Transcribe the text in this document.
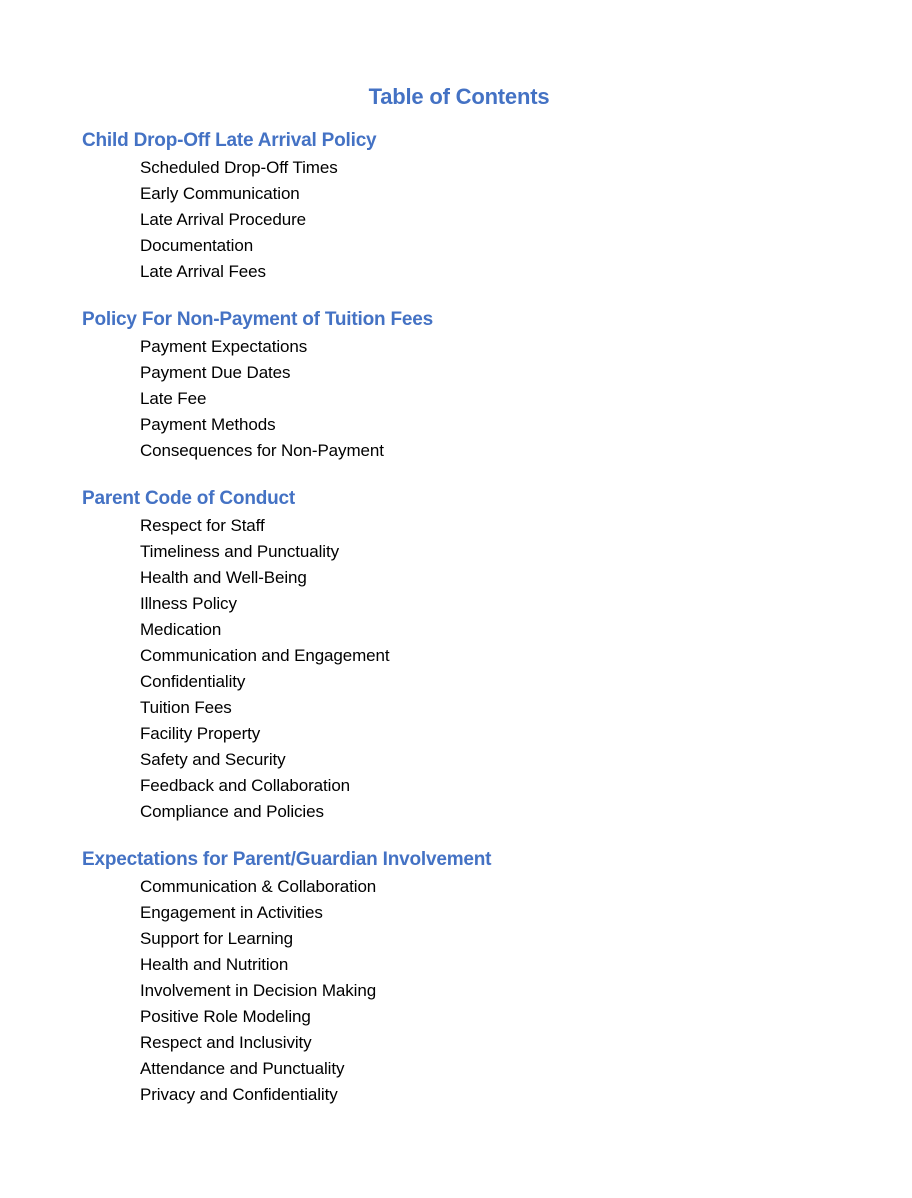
Table of Contents
Child Drop-Off Late Arrival Policy
Scheduled Drop-Off Times
Early Communication
Late Arrival Procedure
Documentation
Late Arrival Fees
Policy For Non-Payment of Tuition Fees
Payment Expectations
Payment Due Dates
Late Fee
Payment Methods
Consequences for Non-Payment
Parent Code of Conduct
Respect for Staff
Timeliness and Punctuality
Health and Well-Being
Illness Policy
Medication
Communication and Engagement
Confidentiality
Tuition Fees
Facility Property
Safety and Security
Feedback and Collaboration
Compliance and Policies
Expectations for Parent/Guardian Involvement
Communication & Collaboration
Engagement in Activities
Support for Learning
Health and Nutrition
Involvement in Decision Making
Positive Role Modeling
Respect and Inclusivity
Attendance and Punctuality
Privacy and Confidentiality
